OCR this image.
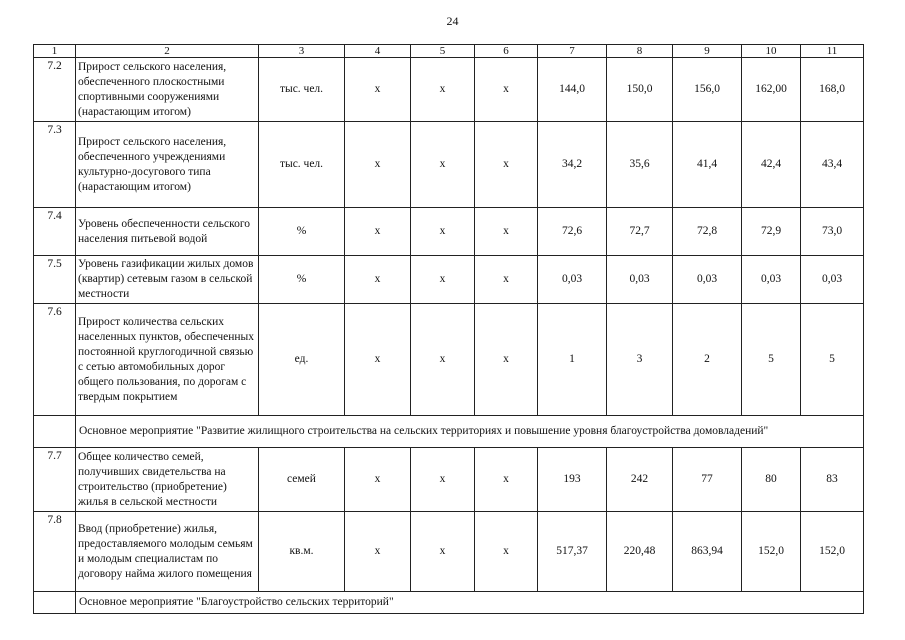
24
1	2	3	4	5	6	7	8	9	10	11
7.2	Прирост сельского населения, обеспеченного плоскостными спортивными сооружениями (нарастающим итогом)	тыс. чел.	х	х	х	144,0	150,0	156,0	162,00	168,0
7.3	Прирост сельского населения, обеспеченного учреждениями культурно-досугового типа (нарастающим итогом)	тыс. чел.	х	х	х	34,2	35,6	41,4	42,4	43,4
7.4	Уровень обеспеченности сельского населения питьевой водой	%	х	х	х	72,6	72,7	72,8	72,9	73,0
7.5	Уровень газификации жилых домов (квартир) сетевым газом в сельской местности	%	х	х	х	0,03	0,03	0,03	0,03	0,03
7.6	Прирост количества сельских населенных пунктов, обеспеченных постоянной круглогодичной связью с сетью автомобильных дорог общего пользования, по дорогам с твердым покрытием	ед.	х	х	х	1	3	2	5	5
	Основное мероприятие "Развитие жилищного строительства на сельских территориях и повышение уровня благоустройства домовладений"									
7.7	Общее количество семей, получивших свидетельства на строительство (приобретение) жилья в сельской местности	семей	х	х	х	193	242	77	80	83
7.8	Ввод (приобретение) жилья, предоставляемого молодым семьям и молодым специалистам по договору найма жилого помещения	кв.м.	х	х	х	517,37	220,48	863,94	152,0	152,0
	Основное мероприятие "Благоустройство сельских территорий"									
